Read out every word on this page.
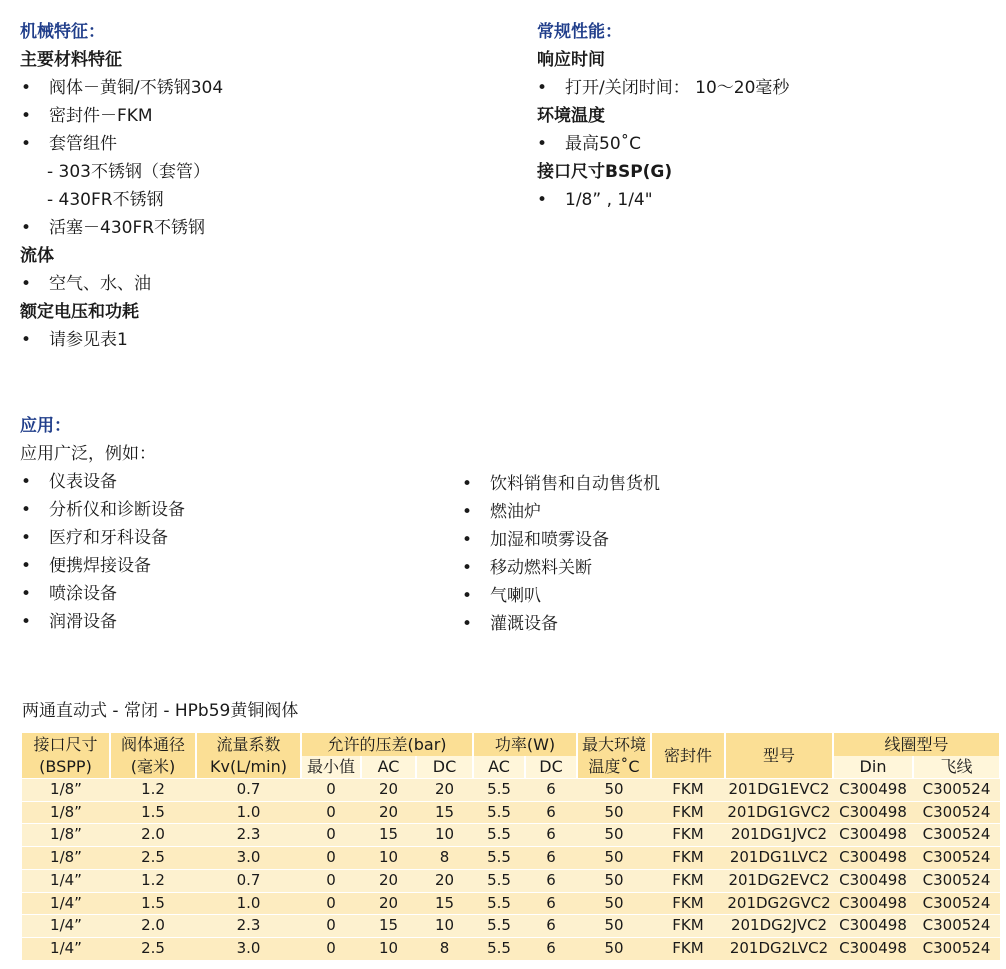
机械特征：
主要材料特征
• 阀体－黄铜/不锈钢304
• 密封件－FKM
• 套管组件
- 303不锈钢（套管）
- 430FR不锈钢
• 活塞－430FR不锈钢
流体
• 空气、水、油
额定电压和功耗
• 请参见表1
常规性能：
响应时间
• 打开/关闭时间： 10～20毫秒
环境温度
• 最高50˚C
接口尺寸BSP(G)
• 1/8” , 1/4"
应用：
应用广泛，例如：
• 仪表设备
• 分析仪和诊断设备
• 医疗和牙科设备
• 便携焊接设备
• 喷涂设备
• 润滑设备
• 饮料销售和自动售货机
• 燃油炉
• 加湿和喷雾设备
• 移动燃料关断
• 气喇叭
• 灌溉设备
两通直动式 - 常闭 - HPb59黄铜阀体
接口尺寸	阀体通径	流量系数	允许的压差(bar)			功率(W)		最大环境	密封件	型号	线圈型号	
(BSPP)	(毫米)	Kv(L/min)	最小值	AC	DC	AC	DC	温度˚C			Din	飞线
1/8”	1.2	0.7	0	20	20	5.5	6	50	FKM	201DG1EVC2	C300498	C300524
1/8”	1.5	1.0	0	20	15	5.5	6	50	FKM	201DG1GVC2	C300498	C300524
1/8”	2.0	2.3	0	15	10	5.5	6	50	FKM	201DG1JVC2	C300498	C300524
1/8”	2.5	3.0	0	10	8	5.5	6	50	FKM	201DG1LVC2	C300498	C300524
1/4”	1.2	0.7	0	20	20	5.5	6	50	FKM	201DG2EVC2	C300498	C300524
1/4”	1.5	1.0	0	20	15	5.5	6	50	FKM	201DG2GVC2	C300498	C300524
1/4”	2.0	2.3	0	15	10	5.5	6	50	FKM	201DG2JVC2	C300498	C300524
1/4”	2.5	3.0	0	10	8	5.5	6	50	FKM	201DG2LVC2	C300498	C300524
